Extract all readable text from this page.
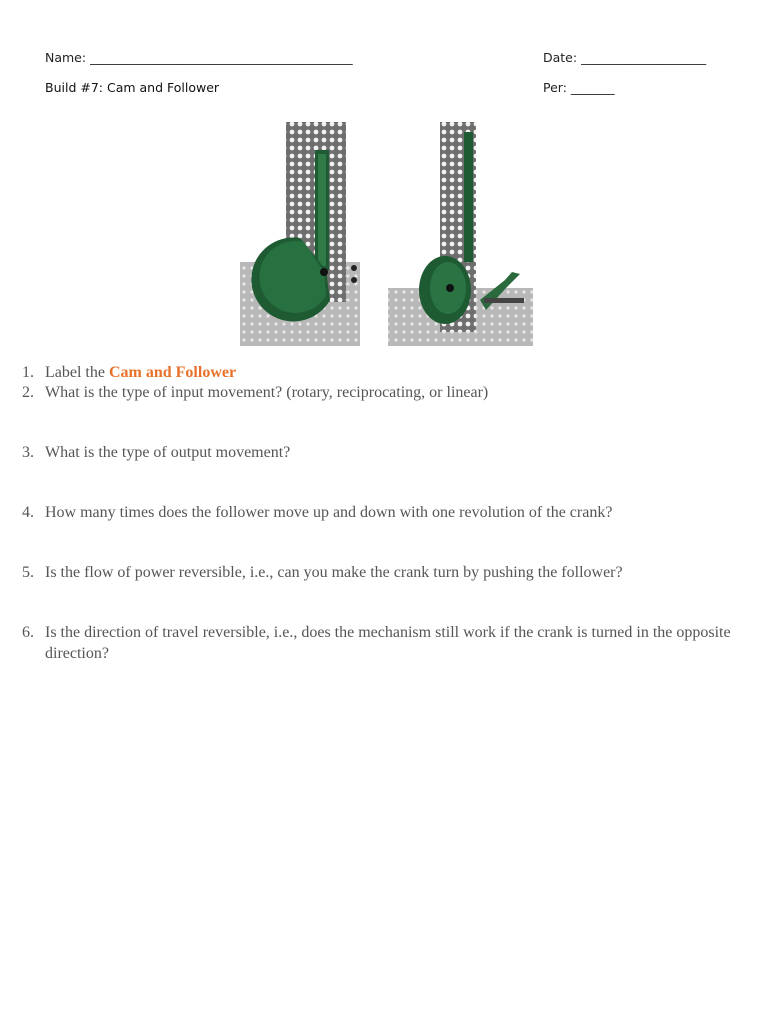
Name: __________________________________________	Date: ____________________
Build #7: Cam and Follower	Per: _______
1. Label the Cam and Follower
2. What is the type of input movement? (rotary, reciprocating, or linear)
3. What is the type of output movement?
4. How many times does the follower move up and down with one revolution of the crank?
5. Is the flow of power reversible, i.e., can you make the crank turn by pushing the follower?
6. Is the direction of travel reversible, i.e., does the mechanism still work if the crank is turned in the opposite direction?
